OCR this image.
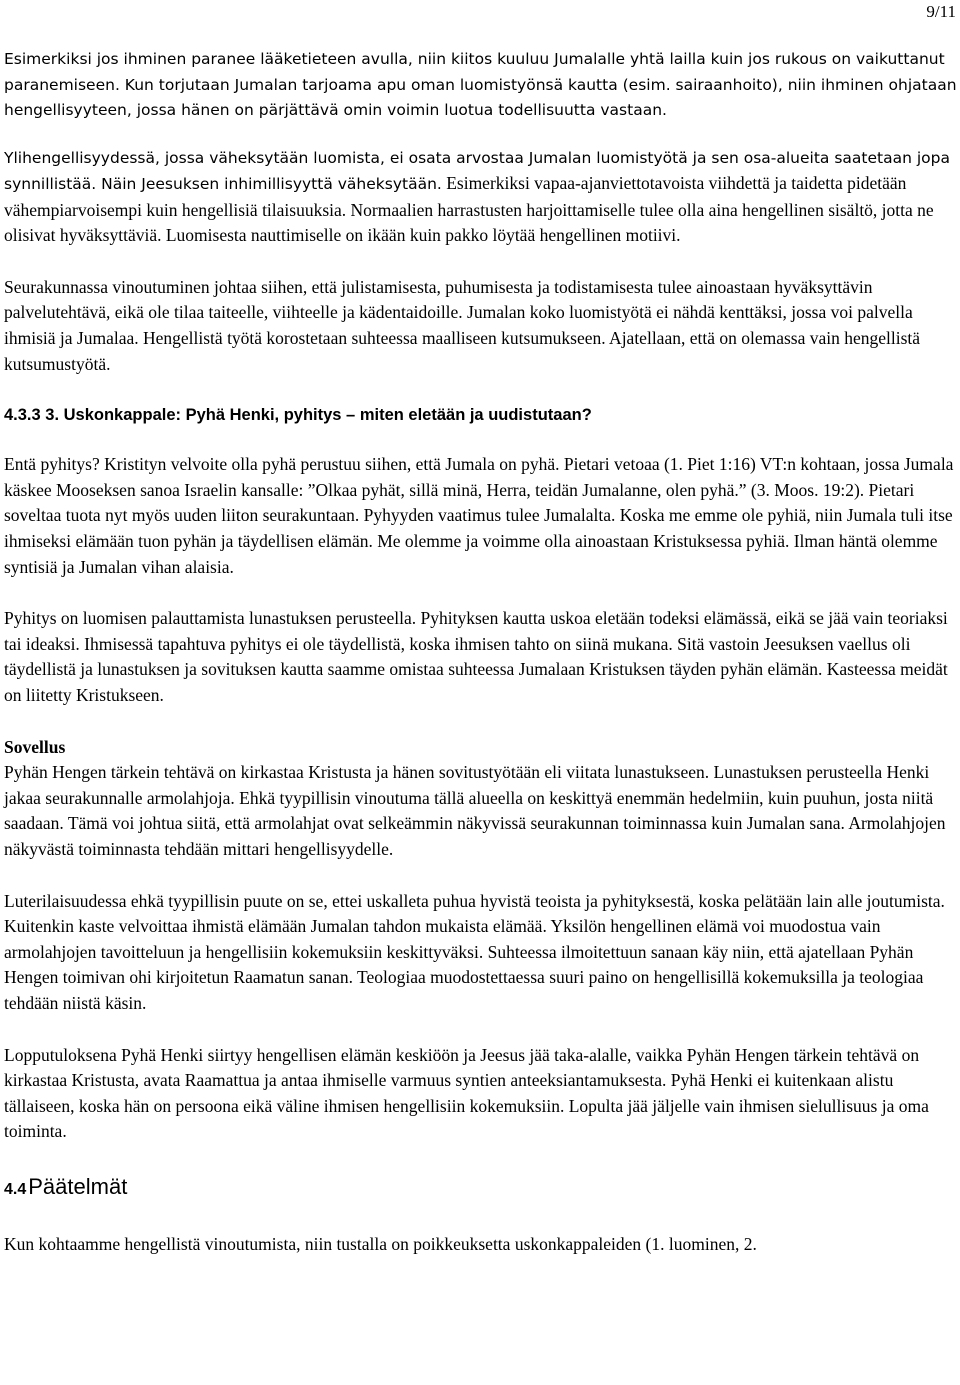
9/11

Esimerkiksi jos ihminen paranee lääketieteen avulla, niin kiitos kuuluu Jumalalle yhtä lailla kuin jos rukous on vaikuttanut paranemiseen. Kun torjutaan Jumalan tarjoama apu oman luomistyönsä kautta (esim. sairaanhoito), niin ihminen ohjataan hengellisyyteen, jossa hänen on pärjättävä omin voimin luotua todellisuutta vastaan.

Ylihengellisyydessä, jossa väheksytään luomista, ei osata arvostaa Jumalan luomistyötä ja sen osa-alueita saatetaan jopa synnillistää. Näin Jeesuksen inhimillisyyttä väheksytään. Esimerkiksi vapaa-ajanviettotavoista viihdettä ja taidetta pidetään vähempiarvoisempi kuin hengellisiä tilaisuuksia. Normaalien harrastusten harjoittamiselle tulee olla aina hengellinen sisältö, jotta ne olisivat hyväksyttäviä. Luomisesta nauttimiselle on ikään kuin pakko löytää hengellinen motiivi.

Seurakunnassa vinoutuminen johtaa siihen, että julistamisesta, puhumisesta ja todistamisesta tulee ainoastaan hyväksyttävin palvelutehtävä, eikä ole tilaa taiteelle, viihteelle ja kädentaidoille. Jumalan koko luomistyötä ei nähdä kenttäksi, jossa voi palvella ihmisiä ja Jumalaa. Hengellistä työtä korostetaan suhteessa maalliseen kutsumukseen. Ajatellaan, että on olemassa vain hengellistä kutsumustyötä.

4.3.3 3. Uskonkappale: Pyhä Henki, pyhitys – miten eletään ja uudistutaan?

Entä pyhitys? Kristityn velvoite olla pyhä perustuu siihen, että Jumala on pyhä. Pietari vetoaa (1. Piet 1:16) VT:n kohtaan, jossa Jumala käskee Mooseksen sanoa Israelin kansalle: ”Olkaa pyhät, sillä minä, Herra, teidän Jumalanne, olen pyhä.” (3. Moos. 19:2). Pietari soveltaa tuota nyt myös uuden liiton seurakuntaan. Pyhyyden vaatimus tulee Jumalalta. Koska me emme ole pyhiä, niin Jumala tuli itse ihmiseksi elämään tuon pyhän ja täydellisen elämän. Me olemme ja voimme olla ainoastaan Kristuksessa pyhiä. Ilman häntä olemme syntisiä ja Jumalan vihan alaisia.

Pyhitys on luomisen palauttamista lunastuksen perusteella. Pyhityksen kautta uskoa eletään todeksi elämässä, eikä se jää vain teoriaksi tai ideaksi. Ihmisessä tapahtuva pyhitys ei ole täydellistä, koska ihmisen tahto on siinä mukana. Sitä vastoin Jeesuksen vaellus oli täydellistä ja lunastuksen ja sovituksen kautta saamme omistaa suhteessa Jumalaan Kristuksen täyden pyhän elämän. Kasteessa meidät on liitetty Kristukseen.

Sovellus

Pyhän Hengen tärkein tehtävä on kirkastaa Kristusta ja hänen sovitustyötään eli viitata lunastukseen. Lunastuksen perusteella Henki jakaa seurakunnalle armolahjoja. Ehkä tyypillisin vinoutuma tällä alueella on keskittyä enemmän hedelmiin, kuin puuhun, josta niitä saadaan. Tämä voi johtua siitä, että armolahjat ovat selkeämmin näkyvissä seurakunnan toiminnassa kuin Jumalan sana. Armolahjojen näkyvästä toiminnasta tehdään mittari hengellisyydelle.

Luterilaisuudessa ehkä tyypillisin puute on se, ettei uskalleta puhua hyvistä teoista ja pyhityksestä, koska pelätään lain alle joutumista. Kuitenkin kaste velvoittaa ihmistä elämään Jumalan tahdon mukaista elämää. Yksilön hengellinen elämä voi muodostua vain armolahjojen tavoitteluun ja hengellisiin kokemuksiin keskittyväksi. Suhteessa ilmoitettuun sanaan käy niin, että ajatellaan Pyhän Hengen toimivan ohi kirjoitetun Raamatun sanan. Teologiaa muodostettaessa suuri paino on hengellisillä kokemuksilla ja teologiaa tehdään niistä käsin.

Lopputuloksena Pyhä Henki siirtyy hengellisen elämän keskiöön ja Jeesus jää taka-alalle, vaikka Pyhän Hengen tärkein tehtävä on kirkastaa Kristusta, avata Raamattua ja antaa ihmiselle varmuus syntien anteeksiantamuksesta. Pyhä Henki ei kuitenkaan alistu tällaiseen, koska hän on persoona eikä väline ihmisen hengellisiin kokemuksiin. Lopulta jää jäljelle vain ihmisen sielullisuus ja oma toiminta.

4.4Päätelmät

Kun kohtaamme hengellistä vinoutumista, niin tustalla on poikkeuksetta uskonkappaleiden (1. luominen, 2.
